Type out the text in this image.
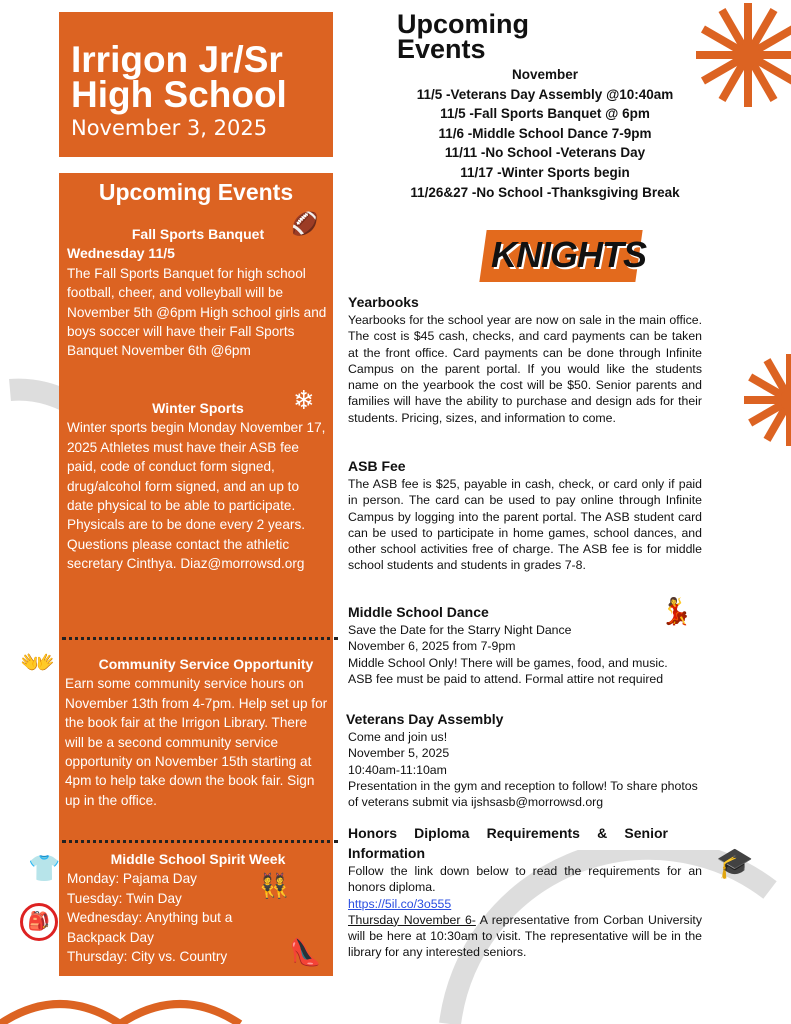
Irrigon Jr/Sr High School
November 3, 2025
Upcoming Events
November
11/5 -Veterans Day Assembly @10:40am
11/5 -Fall Sports Banquet @ 6pm
11/6 -Middle School Dance 7-9pm
11/11 -No School -Veterans Day
11/17 -Winter Sports begin
11/26&27 -No School -Thanksgiving Break
KNIGHTS
Upcoming Events
Fall Sports Banquet
Wednesday 11/5
The Fall Sports Banquet for high school football, cheer, and volleyball will be November 5th @6pm High school girls and boys soccer will have their Fall Sports Banquet November 6th @6pm
Winter Sports
Winter sports begin Monday November 17, 2025 Athletes must have their ASB fee paid, code of conduct form signed, drug/alcohol form signed, and an up to date physical to be able to participate. Physicals are to be done every 2 years. Questions please contact the athletic secretary Cinthya. Diaz@morrowsd.org
Community Service Opportunity
Earn some community service hours on November 13th from 4-7pm. Help set up for the book fair at the Irrigon Library. There will be a second community service opportunity on November 15th starting at 4pm to help take down the book fair. Sign up in the office.
Middle School Spirit Week
Monday: Pajama Day
Tuesday: Twin Day
Wednesday: Anything but a Backpack Day
Thursday: City vs. Country
🏈
❄
👯
👠
👐
👕
🎒
Yearbooks
Yearbooks for the school year are now on sale in the main office. The cost is $45 cash, checks, and card payments can be taken at the front office. Card payments can be done through Infinite Campus on the parent portal. If you would like the students name on the yearbook the cost will be $50. Senior parents and families will have the ability to purchase and design ads for their students. Pricing, sizes, and information to come.
ASB Fee
The ASB fee is $25, payable in cash, check, or card only if paid in person. The card can be used to pay online through Infinite Campus by logging into the parent portal. The ASB student card can be used to participate in home games, school dances, and other school activities free of charge. The ASB fee is for middle school students and students in grades 7-8.
Middle School Dance
Save the Date for the Starry Night Dance
November 6, 2025 from 7-9pm
Middle School Only! There will be games, food, and music.
ASB fee must be paid to attend. Formal attire not required
💃
Veterans Day Assembly
Come and join us!
November 5, 2025
10:40am-11:10am
Presentation in the gym and reception to follow! To share photos of veterans submit via ijshsasb@morrowsd.org
Honors Diploma Requirements & Senior Information
Follow the link down below to read the requirements for an honors diploma.
https://5il.co/3o555
Thursday November 6- A representative from Corban University will be here at 10:30am to visit. The representative will be in the library for any interested seniors.
🎓
